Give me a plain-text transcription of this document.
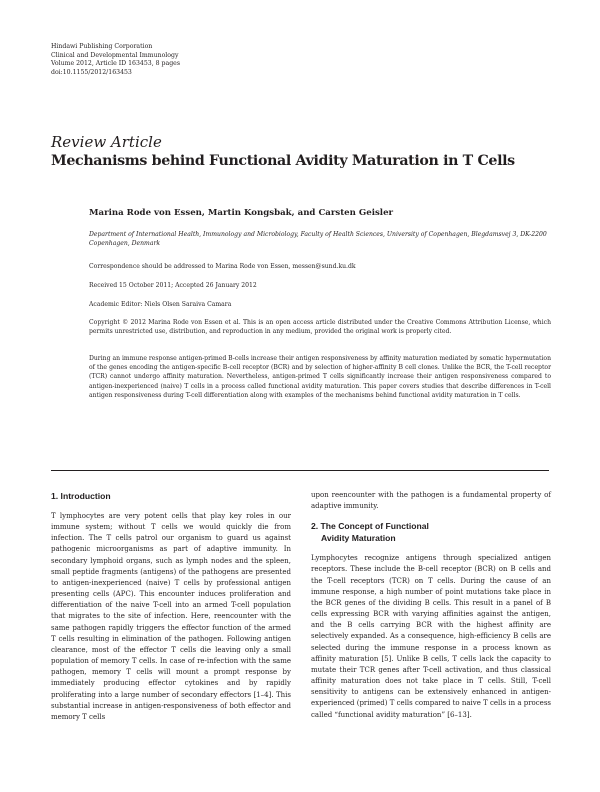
Hindawi Publishing Corporation
Clinical and Developmental Immunology
Volume 2012, Article ID 163453, 8 pages
doi:10.1155/2012/163453
Review Article
Mechanisms behind Functional Avidity Maturation in T Cells
Marina Rode von Essen, Martin Kongsbak, and Carsten Geisler
Department of International Health, Immunology and Microbiology, Faculty of Health Sciences, University of Copenhagen, Blegdamsvej 3, DK-2200 Copenhagen, Denmark
Correspondence should be addressed to Marina Rode von Essen, messen@sund.ku.dk
Received 15 October 2011; Accepted 26 January 2012
Academic Editor: Niels Olsen Saraiva Camara
Copyright © 2012 Marina Rode von Essen et al. This is an open access article distributed under the Creative Commons Attribution License, which permits unrestricted use, distribution, and reproduction in any medium, provided the original work is properly cited.
During an immune response antigen-primed B-cells increase their antigen responsiveness by affinity maturation mediated by somatic hypermutation of the genes encoding the antigen-specific B-cell receptor (BCR) and by selection of higher-affinity B cell clones. Unlike the BCR, the T-cell receptor (TCR) cannot undergo affinity maturation. Nevertheless, antigen-primed T cells significantly increase their antigen responsiveness compared to antigen-inexperienced (naive) T cells in a process called functional avidity maturation. This paper covers studies that describe differences in T-cell antigen responsiveness during T-cell differentiation along with examples of the mechanisms behind functional avidity maturation in T cells.
1. Introduction

T lymphocytes are very potent cells that play key roles in our immune system; without T cells we would quickly die from infection. The T cells patrol our organism to guard us against pathogenic microorganisms as part of adaptive immunity. In secondary lymphoid organs, such as lymph nodes and the spleen, small peptide fragments (antigens) of the pathogens are presented to antigen-inexperienced (naive) T cells by professional antigen presenting cells (APC). This encounter induces proliferation and differentiation of the naive T-cell into an armed T-cell population that migrates to the site of infection. Here, reencounter with the same pathogen rapidly triggers the effector function of the armed T cells resulting in elimination of the pathogen. Following antigen clearance, most of the effector T cells die leaving only a small population of memory T cells. In case of re-infection with the same pathogen, memory T cells will mount a prompt response by immediately producing effector cytokines and by rapidly proliferating into a large number of secondary effectors [1–4]. This substantial increase in antigen-responsiveness of both effector and memory T cells

upon reencounter with the pathogen is a fundamental property of adaptive immunity.

2. The Concept of Functional
Avidity Maturation

Lymphocytes recognize antigens through specialized antigen receptors. These include the B-cell receptor (BCR) on B cells and the T-cell receptors (TCR) on T cells. During the cause of an immune response, a high number of point mutations take place in the BCR genes of the dividing B cells. This result in a panel of B cells expressing BCR with varying affinities against the antigen, and the B cells carrying BCR with the highest affinity are selectively expanded. As a consequence, high-efficiency B cells are selected during the immune response in a process known as affinity maturation [5]. Unlike B cells, T cells lack the capacity to mutate their TCR genes after T-cell activation, and thus classical affinity maturation does not take place in T cells. Still, T-cell sensitivity to antigens can be extensively enhanced in antigen-experienced (primed) T cells compared to naive T cells in a process called “functional avidity maturation” [6–13].
